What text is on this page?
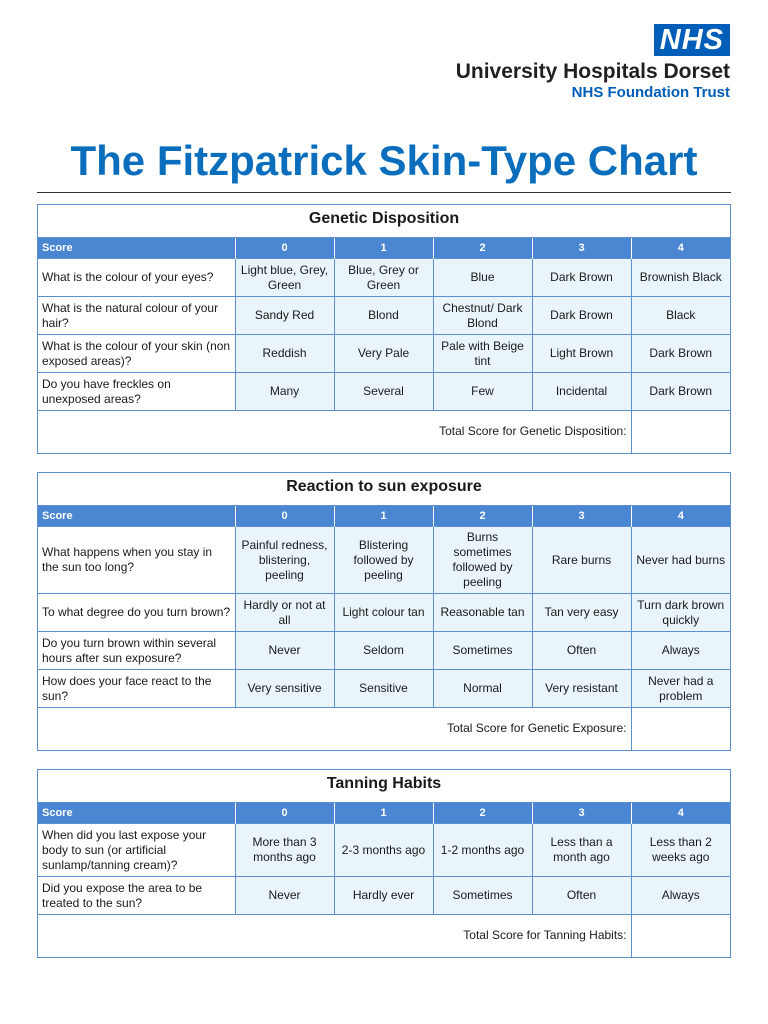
NHS
University Hospitals Dorset
NHS Foundation Trust
The Fitzpatrick Skin-Type Chart
Genetic Disposition
Score	0	1	2	3	4
What is the colour of your eyes?	Light blue, Grey, Green	Blue, Grey or Green	Blue	Dark Brown	Brownish Black
What is the natural colour of your hair?	Sandy Red	Blond	Chestnut/ Dark Blond	Dark Brown	Black
What is the colour of your skin (non exposed areas)?	Reddish	Very Pale	Pale with Beige tint	Light Brown	Dark Brown
Do you have freckles on unexposed areas?	Many	Several	Few	Incidental	Dark Brown
Total Score for Genetic Disposition:					
Reaction to sun exposure
Score	0	1	2	3	4
What happens when you stay in the sun too long?	Painful redness, blistering, peeling	Blistering followed by peeling	Burns sometimes followed by peeling	Rare burns	Never had burns
To what degree do you turn brown?	Hardly or not at all	Light colour tan	Reasonable tan	Tan very easy	Turn dark brown quickly
Do you turn brown within several hours after sun exposure?	Never	Seldom	Sometimes	Often	Always
How does your face react to the sun?	Very sensitive	Sensitive	Normal	Very resistant	Never had a problem
Total Score for Genetic Exposure:					
Tanning Habits
Score	0	1	2	3	4
When did you last expose your body to sun (or artificial sunlamp/tanning cream)?	More than 3 months ago	2-3 months ago	1-2 months ago	Less than a month ago	Less than 2 weeks ago
Did you expose the area to be treated to the sun?	Never	Hardly ever	Sometimes	Often	Always
Total Score for Tanning Habits:					
